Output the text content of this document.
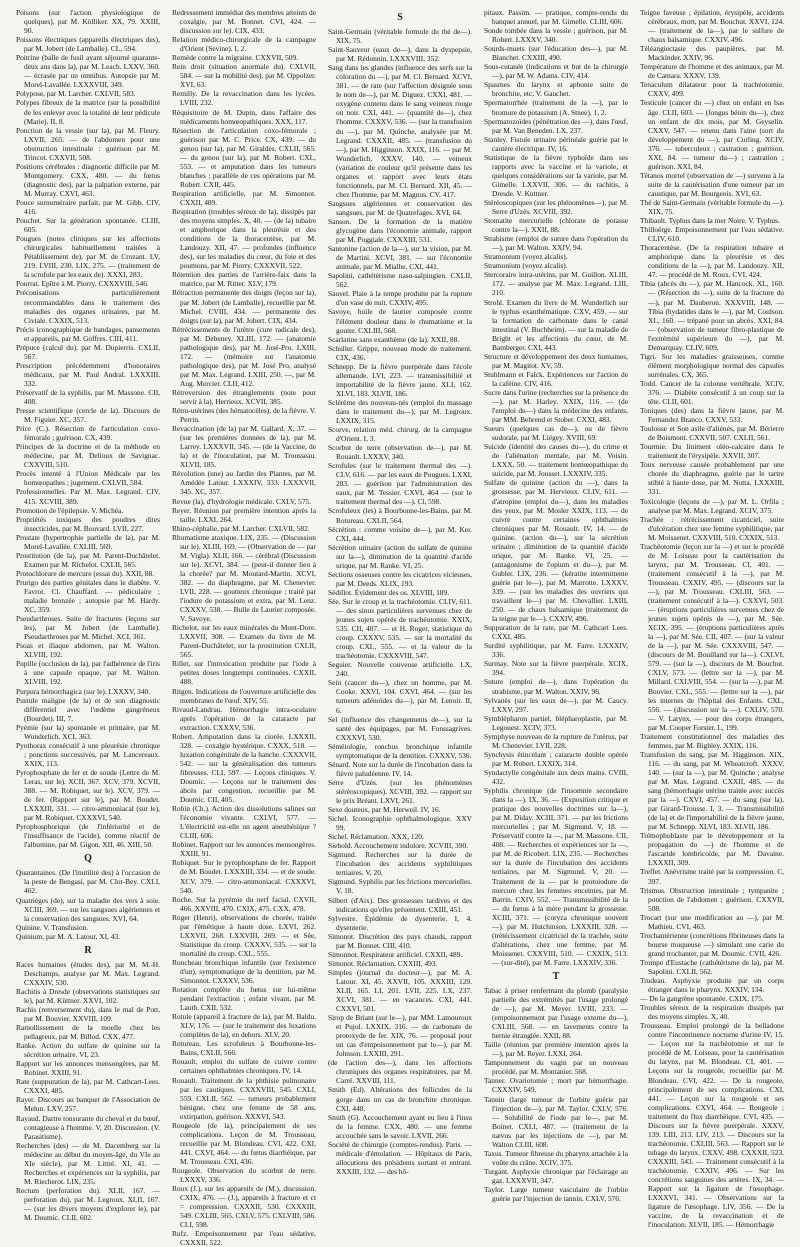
Poisons (sur l'action physiologique de quelques), par M. Kölliker. XX, 79. XXIII, 90.

Poissons électriques (appareils électriques des), par M. Jobert (de Lamballe). CL, 594.

Poitrine (balle de fusil ayant séjourné quarante-deux ans dans la), par M. Leach. LXXV, 360. — écrasée par un omnibus. Autopsie par M. Morel-Lavallée. LXXXVIII, 349.

Polypose, par M. Larcher. CXLVII, 583.

Polypes fibreux de la matrice (sur la possibilité de les enlever avec la totalité de leur pédicule (Marie). II, 8.

Ponction de la vessie (sur la), par M. Fleury. LXVII, 265. — de l'abdomen pour une obstruction intestinale : guérison par M. Trincot. CXXVII, 508.

Positions cérébrales : diagnostic difficile par M. Montgomery. CXX, 480. — du fœtus (diagnostic des), par la palpation externe, par M. Murray. CXVI, 463.

Pouce surnuméraire parfait, par M. Gibb. CIV, 416.

Pouchet. Sur la génération spontanée. CLIII, 605.

Pougues (notes cliniques sur les affections chirurgicales habituellement traitées à Pétablissement de), par M. de Crozant. LV, 219. LVIII, 230. LIX, 275. — (traitement de la scrofule par les eaux de). XXXI, 283.

Pourrat. Epître à M. Piorry. CXXXVIII, 546.

Préconisations particulièrement recommandables dans le traitement des maladies des organes urinaires, par M. Civiale. CXXIX, 513.

Précis iconographique de bandages, pansements et appareils, par M. Goffres. CIII, 411.

Prépuce (calcul du), par M. Dupierris. CXLII, 567.

Prescription précédemment d'honoraires médicaux, par M. Paul Andral. LXXXIII, 332.

Préservatif de la syphilis, par M. Massone. CII, 408.

Presse scientifique (cercle de la). Discours de M. Figuier. XC, 357.

Price (C.). Résection de l'articulation coxo-fémorale ; guérison. CX, 439.

Principes de la doctrine et de la méthode en médecine, par M. Delioux de Savignac. CXXVIII, 510.

Procès intenté à l'Union Médicale par les homœopathes ; jugement. CXLVII, 584.

Professionnelles. Par M. Max. Legrand. CIV, 415. XCVIII, 389.

Promotion de l'épilepsie. V. Michéa.

Propriétés toxiques des poudres dites insecticides, par M. Bouvard. LVII, 227.

Prostate (hypertrophie partielle de la), par M. Morel-Lavallée. CXLIII, 569.

Prostitution (de la), par M. Parent-Duchâtelet. Examen par M. Richelot. CXLII, 565.

Protochlorure de mercure (essai du). XXII, 88.

Prurigo des parties génitales dans le diabète. V. Favrot. Cl. Chauffard. — pédiculaire ; maladie bronzée ; autopsie par M. Hardy. XC, 359.

Pseudarthroses. Suite de fractures (leçons sur les), par M. Jobert (de Lamballe). Pseudarthroses par M. Michel. XCI, 361.

Psoas et iliaque abdomen, par M. Walton. XLVIII, 192.

Pupille (occlusion de la), par l'adhérence de l'iris à une capsule opaque, par M. Walton. XLVIII, 192.

Purpura hémorrhagica (sur le). LXXXV, 340.

Pustule maligne (de la) et de son diagnostic différentiel avec l'œdème gangréneux (Bourdet). III, 7.

Pyémie (sur la) spontanée et primaire, par M. Wunderlich. XCI, 363.

Pyothorax consécutif à une pleurésie chronique ; ponctions successives, par M. Lancereaux. XXIX, 113.

Pyrophosphate de fer et de soude (Lettre de M. Leras, sur le). XCII, 367. XCV, 379. XCVII, 388. — M. Robiquet, sur le). XCV, 379. — de fer. (Rapport sur le), par M. Boudet. LXXXIII, 331. — citro-ammoniacal (sur le), par M. Robiquet. CXXXVI, 540.

Pyrophosphorique (de l'infériorité et de l'insuffisance de l'acide), comme réactif de l'albumine, par M. Gigon. XII, 46. XIII, 50.

Q

Quarantaines. (De l'inutilité des) à l'occasion de la peste de Bengasi, par M. Clot-Bey. CXLI, 462.

Quatrièges (de), sur la maladie des vers à soie. XCIII, 369. — sur les sangsues algériennes et la conservation des sangsues. XVI, 64.

Quinine. V. Transfusion.

Quinium, par M. A. Latour, XI, 43.

R

Races humaines (études des), par M. M.-H. Deschamps, analyse par M. Max. Legrand. CXXXIV, 530.

Rachitis à Dresde (observations statistiques sur le), par M. Küttner. XXVI, 102.

Rachis (renversement du), dans le mal de Pott, par M. Bouvier. XXVIII, 109.

Ramollissement de la moelle chez les pellagreux, par M. Billod. CXX, 477.

Ranke. Action du sulfate de quinine sur la sécrétion urinaire. VI, 23.

Rapport sur les annonces mensongères, par M. Robinet. XXIII, 91.

Rate (suppuration de la), par M. Cathcart-Lees. CXXXI, 485.

Rayer. Discours au banquet de l'Association de Melun. LXV, 257.

Rayaud. Dartre tonsurante du cheval et du bœuf, contagieuse à l'homme. V, 20. Discussion. (V. Parasitisme).

Recherches (des) — de M. Dacemberg sur la médecine au début du moyen-âge, du VIe au XIe siècle), par M. Littré. XI, 41. — Recherches et expériences sur la syphilis, par M. Riecherot. LIX, 235.

Rectum (perforation du). XLII, 167. — perforation du), par M. Legroux. XLII, 167. — (sur les divers moyens d'explorer le), par M. Doumic. CLII, 602.

Redressement immédiat des membres atteints de coxalgie, par M. Bonnet. CVI, 424. — discussion sur le). CIX, 433.

Relation médico-chirurgicale de la campagne d'Orient (Sevine). I, 2.

Remède contre la migraine. CXXVII, 509.

Rein droit (situation anormale du). CXLVII, 584. — sur la mobilité des), par M. Oppolzer. XVI, 63.

Remilly. De la revaccination dans les lycées. LVIII, 232.

Réquisitoire de M. Dupin, dans l'affaire des médicaments homœopathiques. XXX, 117.

Résection de l'articulation coxo-fémorale ; guérison par M. C. Price. CX, 439. — du genou (sur la), par M. Giraldès. CXLII, 565. — du genou (sur la), par M. Robert. CXL, 553. — et amputation dans les tumeurs blanches ; parallèle de ces opérations par M. Robert. CXII, 445.

Respiration artificielle, par M. Simonnot. CXXII, 489.

Respiration (troubles séreux de la), dissipés par des moyens simples. X, 40. — (de la) tubaire et amphorique dans la pleurésie et des conditions de la thoracentèse, par M. Landouzy. XII, 47. — profondes (influence des), sur les maladies du cœur, du foie et des poumons, par M. Piorry. CXXXVII, 522.

Rétention des parties de l'arrière-faix dans la matrice, par M. Ritter. XLV, 179.

Rétraction permanente des doigts (leçon sur la), par M. Jobert (de Lamballe), recueillie par M. Michel. CVIII, 434. — permanente des doigts (sur la), par M. Jobert. CIX, 434.

Rétrécissements de l'urètre (cure radicale des), par M. Debeney. XLIII, 172. — (anatomie pathologique des), par M. José-Pro. LXIII, 172. — (mémoire sur l'anatomie pathologique des), par M. José Pro, analysé par M. Max. Legrand. LXIII, 250. —, par M. Aug. Mercier. CLII, 412.

Rétroversion des étranglements (note pour servir à la), Herrieux. XCVII, 385.

Rétro-utérines (des hématocèles), de la fièvre. V. Perrin.

Revaccination (de la) par M. Gallard. X, 37. — (sur les premières données de la), par M. Larrey. LXXXVII, 345. — (de la Vaccine, de la) et de l'inoculation, par M. Trousseau. XLVII, 185.

Révolution (une) au Jardin des Plantes, par M. Amédée Latour. LXXXIV, 333. LXXXVII, 345. XC, 357.

Revue (la), d'hydrologie médicale. CXLV, 575.

Reyer. Réunion par première intention après la taille. LXXI, 264.

Rhino-céphalie, par M. Larcher. CXLVII, 582.

Rhumatisme ataxique. LIX, 235. — (Discussion sur le). XLIII, 169. — (Observation de — par M. Vigla). XLII, 166. — cérébral (Discussion sur le). XCVI, 384. — (peut-il donner lieu à la chorée? par M. Moutard-Martin. XCVI, 382. — du diaphragme, par M. Chenevier. LVII, 228. — goutteux chronique ; traité par l'iodure de potassium et extra, par M. Lenz. CXXXV, 538. — Bulle de Laurier composée. V. Savoye.

Richelot, sur les eaux minérales du Mont-Dore. LXXVII, 308. — Examen du livre de M. Parent-Duchâtelet, sur la prostitution CXLII, 565.

Rillet, sur l'intoxication produite par l'iode à petites doses longtemps continuées. CXXII, 488.

Ritgen. Indications de l'ouverture artificielle des membranes de l'œuf. XIV, 55.

Rivaud-Landrau. Hémorrhagie intra-oculaire après l'opération de la cataracte par extraction. CXXXV, 536.

Robert. Amputation dans la ciorée. LXXXII, 328. — coxalgie hystérique. CXXX, 518. — luxation congénitale de la hanche. CXXXVII, 542. — sur la généralisation des tumeurs fibreuses. CLI, 597. — Leçons cliniques. V. Doumic. — Leçons sur le traitement des abcès par congestion, recueillie par M. Doumic. CII, 405.

Robin (Ch.). Action des dissolutions salines sur l'économie vivante. CXLVI, 577. — L'électricité est-elle un agent anesthésique ? CLIII, 606.

Robinet. Rapport sur les annonces mensongères. XXIII, 91.

Robiquet. Sur le pyrophosphate de fer. Rapport de M. Boudet. LXXXIII, 334. — et de soude. XCV, 379. — citro-ammoniacal. CXXXVI, 540.

Roche. Sur la pyrémie du nerf facial. CXVII, 466. XXVIII, 470. CXIX, 475. CXX, 478.

Roger (Henri), observations de chorée, traitée par l'émétique à haute dose. LXVI, 262. LXXVII, 268. LXXVIII, 269. — et Sée, Statistique du croup. CXXXV, 535. — sur la mortalité du croup. CXL, 555.

Roncheau bronchique infantile (sur l'existence d'un), symptomatique de la dentition, par M. Simonnot. CXXXV, 536.

Rotation complète du fœtus sur lui-même pendant l'extraction ; enfant vivant, par M. Lauth. CXII, 532.

Rotule (appareil à fracture de la), par M. Baldu. XLV, 176. — (sur le traitement des luxations complètes de la), en dehors. XLV, 20.

Rotureau. Les scrofuleux à Bourbonne-les-Bains, CXLII, 566.

Rouault, emploi du sulfate de cuivre contre certaines ophthalmies chroniques. IV, 14.

Rouault. Traitement de la phthisie pulmonaire par les cautiques. CXXXVIII, 545. CXLI, 559. CXLII, 562. — tumeurs probablement bénigne, chez une femme de 58 ans, extirpation, guérison. XXXVI, 543.

Rougeole (de la), principalement de ses complications. Leçon de M. Trousseau, recueillie par M. Blondeau. CVI, 422. CXI, 441. CXVI, 464. — du fœtus diarrhéique, par M. Trousseau. CXI, 436.

Rougeole. Observation du scorbut de terre. LXXXV, 336.

Roux (J.), sur les appareils de (M.), discussion. CXIX, 476. — (J.), appareils à fracture et ct = compression. CXXXII, 530. CXXXIII, 549. CXLIII, 565. CXLV, 575. CXLVIII, 586. CLI, 598.

Rufz. Empoisonnement par l'eau sédative, CXXXII, 522.

S

Saint-Germain (véritable formule du thé de—). XIX, 75.

Saint-Sauveur (eaux de—), dans la dyspepsie, par M. Rédonnin. LXXXVIII, 352.

Sang dans les glandes (influence des serfs sur la coloration du —), par M. Cl. Bernard. XCVI, 381. — de rate (sur l'affection désignée sous le nom de—), par M. Diguez. CXXI, 481. — oxygène contenu dans le sang veineux rouge ou noir. CXI, 441. — (quantité de—), chez l'homme. CXXXV, 536. — (sur la transfusion du —), par M. Quinche, analysée par M. Legrand. CXXXII, 485. — (transfusion du—), par M. Higginson. XXIX, 116. — par M. Wunderlich. XXXV, 140. — veineux (variation de couleur qu'il présente dans les organes et rapport avec leurs états fonctionnels, par M. Cl. Bernard. XII, 45. — chez l'homme, par M. Magnus. CV, 417.

Sangsues algériennes et conservation des sangsues, par M. de Quatrefages. XVI, 64.

Sanson. De la formation de la matière glycogène dans l'économie animale, rapport par M. Poggiale. CXXXIII, 531.

Santonine (action de la—), sur la vision, par M. de Martini. XCVI, 381. — sur l'économie animale, par M. Mialhe. CXI, 441.

Sapolini, cathétérisme naso-salpingien. CXLII, 562.

Sauvel. Plaie à la tempe produite par la rupture d'un vase de nuit. CXXIV, 495.

Savoye, huile de laurier composée contre l'élément douleur dans le rhumatisme et la goutte. CXLIII, 568.

Scarlatine sans exanthème (de la). XXII, 88.

Schuller. Grippe, nouveau mode de traitement. CIX, 436.

Schnepp. De la fièvre puerpérale dans l'école allemande. LVI, 223. — transmissibilité et importabilité de la fièvre jaune. XLI, 162. XLVI, 183. XLVII, 186.

Sclérème des nouveau-nés (emploi du massage dans le traitement du—), par M. Legroux. LXXIX, 315.

Scorve, relation méd. chirurg. de la campagne d'Orient. I, 3.

Scorbut de terre (observation de—), par M. Rouault. LXXXV, 340.

Scrofules (sur le traitement thermal des —). CLV, 616. — par les eaux de Pougues. LXXI, 283. — guérison par l'administration des eaux, par M. Tessier. CXVI, 464 — (sur le traitement thermal des —). Cl, 598.

Scrofuleux (les) à Bourbonne-les-Bains, par M. Rotureau. CXLII, 564.

Sécrétion : comme voisine de—), par M. Ker. CXI, 444.

Sécrétion urinaire (action du sulfate de quinine sur la—), diminution de la quantité d'acide urique, par M. Ranke. VI, 25.

Sections osseuses contre les cicatrices vicieuses, par M. Deeds. XLIX, 193.

Sédillot. Évidement des os. XLVIII, 189.

Sée. Sur le croup et la trachéotomie. CLIV, 611. — des sinus particulières survenues chez de jeunes sujets opérés de trachéotomie. XXIX, 535. CII, 407. — et H. Roger, statistique du croup. CXXXV, 535. — sur la mortalité du croup. CXL, 555. — et la valeur de la trachéotomie. CXXXVIII, 547.

Seguier. Nouvelle couveuse artificielle. LX, 240.

Sein (cancer du—), chez un homme, par M. Cooke. XXVI, 104. CXVI, 464. — (sur les tumeurs adénoïdes du—), par M. Lenoir. II, 6.

Sel (influence des changements de—), sur la santé des équipages, par M. Fonssagrives. CXXXVI, 530.

Séméiologie, ronchus bronchique infantile symptomatique de la dentition. CXXXV, 536.

Sénard. Note sur la durée de l'incubation dans la fièvre paludéenne. IV, 14.

Serre d'Uzès. (sur les phénomènes stéréoscopiques). XCVIII, 392. — rapport sur le prix Bréant. LXVI, 261.

Sexe douteux, par M. Herweil. IV, 16.

Sichel. Iconographie ophthalmologique. XXV 99.

Sichel. Réclamation. XXX, 120.

Siebold. Accouchement indolore. XCVIII, 390.

Sigmund. Recherches sur la durée de l'incubation des accidents syphilitiques tertiaires. V, 20.

Sigmund. Syphilis par les frictions mercurielles. V, 18.

Silbert (d'Aix). Des grossesses tardives et des indications qu'elles présentent. CXIII, 451.

Sylvestre. Épidémie de dysenterie. I, 4. dysenterie.

Simonot. Discrétion des pays chauds, rapport par M. Bonnet. CIII, 410.

Simonnot. Respirateur artificiel. CXXII, 489.

Simonot. Réclamation. CXXIII, 493.

Simples (journal du docteur—), par M. A. Latour. XI, 45. XXVII, 105. XXXIII, 129. XLII, 165. LI, 201. LVII, 225. LX, 237. XCVI, 381. — en vacances. CXI, 441. CXXVI, 501.

Sirop de Briant (sur le—), par MM. Lamouroux et Pujol. LXXIX, 316. — de carbonate de protoxyde de fer. XIX, 76. — proposal pour un cas d'empoisonnement par le—), par M. Johnson. LXXIII, 291.

(de l'action des—), dans les affections chroniques des organes respiratoires, par M. Carré. XXVIII, 111.

Smith (Ed). Altérations des follicules de la gorge dans un cas de bronchite chronique. CXI, 448.

Smith (G). Accouchement ayant eu lieu à l'insu de la femme. CXX, 480. — une femme accouchée sans le savoir. LXVII, 266.

Société de chirurgie (comptes-rendus). Paris. — médicale d'émulation. — Hôpitaux de Paris, allocutions des présidents sortant et entrant. XXXIII, 132. — des hô-

pitaux. Passim. — pratique, compte-rendu du banquet annuel, par M. Gimelle. CLIII, 606.

Sonde tombée dans la vessie ; guérison, par M. Robert. LXXXV, 340.

Sourds-muets (sur l'éducation des—), par M. Blanchet. CXXIII, 490.

Sous-cutanée (indications et but de la chirurgie—), par M. W. Adams. CIV, 414.

Spasmes du larynx et aphonie suite de bronchite, etc. V. Gauchet.

Spermatorrhée (traitement de la —), par le bromure de potassium (A. Stnee). 1, 2.

Spermatozoïdes (pénétration des —), dans l'œuf, par M. Van Beneden. LX, 237.

Stanley. Fistule urinaire périnéale guérie par le cautère électrique. IV, 16.

Statistique de la fièvre typhoïde dans ses rapports avec la vaccine et la variole, et quelques considérations sur la variole, par M. Gimelle. LXXVII, 306. — du rachitis, à Dresde. V. Kuttner.

Stéréoscopiques (sur les phénomènes—), par M. Serre d'Uzès. XCVIII, 392.

Stomatite mercurielle (chlorate de potasse contre la—). XXII, 88.

Strabisme (emploi de suture dans l'opération du—), par M. Walton. XXIV, 94.

Stramonium (voyez alcalis).

Stramonium (voyez alcalis).

Stercoraire intra-utérins, par M. Guillon. XLIII, 172. — analyse par M. Max. Legrand. LIII, 210.

Strohl. Examen du livre de M. Wunderlich sur le typhus exanthématique. CXV, 459. — sur la formation de carbonate dans le canal intestinal (V. Buchheim). — sur la maladie de Bright et les affections du cœur, de M. Bamberger. CXI, 443.

Structure et développement des deux humaines, par M. Magitot. XV, 59.

Stuhlmann et Falck. Expériences sur l'action de la caféine. CIV, 416.

Sucre dans l'urine (recherches sur la présence du—), par M. Harley. XXIX, 116. — (de l'emploi du—) dans la médecine des enfants, par MM. Behrend et Stober. CXXI, 483.

Sueurs (quelques cas de—), ou de fièvre sudorale, par M. Liégey. XVIII, 69.

Suicide (identité des causes du—), du crime et de l'aliénation mentale, par M. Voisin. LXXX, 50. — traitement homœopathique du suicide, par M. Jousset. LXXXIV, 335.

Sulfate de quinine (action du —), dans la grossesse, par M. Hervieux. CLIV, 611. — d'atropine (emploi du—), dans les maladies des yeux, par M. Mosler XXIX, 113. — de cuivre contre certaines ophthalmies chroniques par M. Rouault. IV, 14. — de quinine. (action du—), sur la sécrétion urinaire ; diminution de la quantité d'acide urique, par M. Ranke. VI, 25. — (antagonisme de l'opium et du—), par M. Gubler. LIX, 236. — (kératite intermittente guérie par le—), par M. Marrotte. LXXXV, 339. — (sur les maladies des ouvriers qui travaillent le—) par M. Chevallier. LXIII, 250. — de chaux balsamique (traitement de la teigne par le—). CXXIV, 496.

Suppuration de la rate, par M. Cathcart Lees. CXXI, 485.

Surdité syphilitique, par M. Farre. LXXXIV, 336.

Surmay. Note sur la fièvre puerpérale. XCIX, 394.

Suture (emploi de—), dans l'opération du strabisme, par M. Walton. XXIV, 96.

Sylvanès (sur les eaux de—), par M. Caucy. LXXV, 297.

Symblépharon partiel, blépharoplastie, par M. Legouest. XCIV, 373.

Symphyse nouveau de la rupture de l'utérus, par M. Chenevier. LVII, 228.

Synchysis étincelant ; cataracte double opérée par M. Robert. LXXIX, 314.

Syndactylie congénitale aux deux mains. CVIII, 432.

Syphilis chronique (de l'insomnie secondaire dans la —). IX, 36. — (Exposition critique et pratique des nouvelles doctrines sur la—), par M. Diday. XCIII, 371. — par les frictions mercurielles ; par M. Sigmund. V, 18. — Préservatif contre la —, par M. Massone. CII, 408. — Recherches et expériences sur la —, par M. de Ricobert. LIX, 235. — Recherches sur la durée de l'incubation des accidents tertiaires, par M. Sigmund. V, 20. — Traitement de la — par le protoiodure de mercure chez les femmes enceintes, par M. Barrin. CXIV, 552. — Transmissibilité de la — du fœtus à la mère pendant la grossesse. XCIII, 371. — (coryza chronique souvent —). par M. Hutchinson. LXXXIII, 328. — (trétécissement cicatriciel de la trachée, suite d'altérations, chez une femme, par M. Moissenet. CXXVIII, 510. — CXXIX, 513. — (sur-dité), par M. Farre. LXXXIV, 336.

T

Tabac à priser renfermant du plomb (paralysie partielle des extrémités par l'usage prolongé de —), par M. Meyer. LVIII, 233. — (empoisonnement par l'usage externe du—), CXLIII, 568. — en lavements contre la hernie étranglée. XXII, 88.

Taille (réunion par première intention après la —), par M. Reyer. LXXI, 264.

Tamponnement du vagin par un nouveau procédé, par M. Montanier. 568.

Tanner. Ovariotomie ; mort par hémorrhagie. CXXXIV, 549.

Tannin (large tumeur de l'orbite guérie par l'injection de—), par M. Taylor. CXLV, 576. — Solubilité de l'iode par le—, par M. Boinet. CXLI, 487. — (traitement de la nævus par les injections de —), par M. Walton CLIII, 608.

Taxus. Tumeur fibreuse du pharynx attachée à la voûte du crâne. XCIV, 375.

Turgant. Asphyxie chronique par l'éclairage au gaz. LXXXVII, 347.

Taylor. Large tumeur vasculaire de l'orbite guérie par l'injection de tannin. CXLV, 576.

Teigne faveuse ; épilation, érysipèle, accidents cérébraux, mort, par M. Bouchut. XXVI, 124. — (traitement de la—), par le sulfure de chaux balsamique. CXXIV, 496.

Téléangiectasie des paupières, par M. Mackinder. XXIV, 96.

Température de l'homme et des animaux, par M. de Camara. XXXV, 139.

Tenaculum dilatateur pour la trachéotomie. CXXV, 499.

Testicule (cancer du —) chez un enfant en bas âge. CLII, 603. — (fongus bénin du—), chez un enfant de dix mois, par M. Geyselin. CXXV, 547. — retenu dans l'aine (sort du développement du —), par Curling. XCIV, 376. — tuberculeux ; castration ; guérison. XXI, 84. — tumeur du—) ; castration ; guérison. XXI, 84.

Tétanos mortel (observation de —) survenu à la suite de la cautérisation d'une tumeur par un caustique, par M. Bourgeois. XVI, 63.

Thé de Saint-Germain (véritable formule du —). XIX, 75.

Thibault. Typhus dans la mer Noire. V. Typhus.

Thilloërge. Empoisonnement par l'eau sédative. CLIV, 610.

Thoracentèse. (De la respiration tubaire et amphorique dans la pleurésie et des conditions de la —), par M. Landouzy. XII, 47. — procédé de M. Roux. CVI, 424.

Tibia (abcès du —), par M. Hancock. XL, 160. — (Résection du —), suite de la fracture du —), par M. Dauberon. XXXVIII, 148. — Tibia (hydatides dans le —), par M. Coulson. XL, 160. — trépané pour un abcès. XXI, 84. — (observation de tumeur fibro-plastique de l'extrémité supérieure du —), par M. Demarquay. CLIV, 609.

Tigri. Sur les maladies graisseuses, comme élément morphologique normal des capsules surrénales. CX, 365.

Todd. Cancer de la colonne vertébrale. XCIV, 376. — Diabète consécutif à un coup sur la tête. CLII, 601.

Toniques (des) dans la fièvre jaune, par M. Fernandez Branco. CXXV, 533.

Toulouse et Son asile d'aliénés, par M. Bérierre de Boismont. CXXVII, 507. CXLII, 561.

Tourmie. Du liniment oléo-calcaire dans le traitement de l'érysipèle. XXVII, 307.

Toux nerveuse causée probablement par une chorée du diaphragme, guérie par le tartre stibié à haute dose, par M. Notta. LXXXIII, 331.

Toxicologie (leçons de —), par M. L. Orfila ; analyse par M. Max. Legrand. XCIV, 375.

Trachée : rétrécissement cicatriciel, suite d'ulcération chez une femme syphilitique, par M. Moissenet. CXXVIII, 510. CXXIX, 513.

Trachéotomie (leçon sur la —) et sur le procédé de M. Loiseau pour la cautérisation du larynx, par M. Trousseau. CI, 401. — (traitement consécutif à la —), par M. Trousseau. CXXIV, 495. — (discours sur la —), par M. Trousseau. CXLIII, 563. — (traitement consécutif à la—). CXXVI, 503. — (éruptions particulières survenues chez de jeunes sujets opérés de —), par M. Sée. XCIX, 395. — (éruptions particulières après la —), par M. Sée. CII, 407. — (sur la valeur de la —), par M. Sée. CXXXVIII, 547. — (discours de M. Bouilland sur la—). CXLVI, 579. — (sur la —), discours de M. Bouchut. CXLV, 573. — (lettre sur la —), par M. Millard. CXLVIII, 554. — (sur la —), par M. Bouvier. CXL, 555. — (lettre sur la —), par les internes de l'hôpital des Enfants. CXL, 556. — (discussion sur la —). CXLIV, 570. — V. Larynx. — pour des corps étrangers, par M. Cooper Forster. L, 199.

Traitement constitutionnel des maladies des femmes, par M. Bigbley. XXIX, 116.

Transfusion du sang, par M. Higginson. XIX, 116. — du sang, par M. Wheatcroft. XXXV, 140. — (sur la —), par M. Quinche ; analyse par M. Max. Legrand. CXXII, 485. — du sang (hémorrhagie utérine traitée avec succès par la —). CXVI, 457. — du sang (sur la), par Girard-Trousse. I, 3. — Transmissibilité (de la) et de l'importabilité de la fièvre jaune, par M. Schnepp. XLVI, 183. XLVII, 186.

Trèmophoblaste par le développement et la propagation du —) de l'homme et de l'ascaride lombricoïde, par M. Davaine. LXXXII, 309.

Treffet. Anévrisme traité par la compression. C, 397.

Trismus. Obstruction intestinale ; tympanite ; ponction de l'abdomen ; guérison. CXXVII, 508.

Trocart (sur une modification au —), par M. Mathieu. CVI, 463.

Trochantérienne (concrétions fibrineuses dans la bourse muqueuse —) simulant une carie du grand trochanter, par M. Doumic. CVII, 426.

Trompe d'Eustache (cathétérisme de la), par M. Sapolini. CXLII, 562.

Trudeau. Asphyxie produite par un corps étranger dans le pharynx. XXXIV, 134.

— De la gangrène spontanée. CXIX, 175.

Troubles séreux de la respiration dissipés par des moyens simples. X, 40.

Trousseau. Emploi prolongé de la belladone contre l'incontinence nocturne d'urine IV, 15. — Leçon sur la trachéotomie et sur le procédé de M. Loiseau, pour la cautérisation du larynx, par M. Blondeau. CI, 401. — Leçons sur la rougeole, recueillie par M. Blondeau. CVI, 422. — De la rougeole, principalement de ses complications. CXI, 441. — Leçon sur la rougeole et ses complications. CXVI, 464. — Rougeole ; traitement du flux diarrhéique. CVI, 435. — Discours sur la fièvre puerpérale. XXXV, 139. LIII, 213. LIV, 213. — Discours sur la trachéotomie. CXLIII, 563. — Rapport sur le tubage du larynx. CXXV, 498. CXXXII, 523. CXXXIII, 543. — Traitement consécutif à la trachéotomie. CXXIV, 496. — Sur les concrétions sanguines des artères. IX, 34. — Rapport sur la ligature de l'œsophage. LXXXVI, 341. — Observations sur la ligature de l'œsophage. LIV, 356. — De la vaccine, de la revaccination et de l'inoculation. XLVII, 185. — Hémorrhagie
